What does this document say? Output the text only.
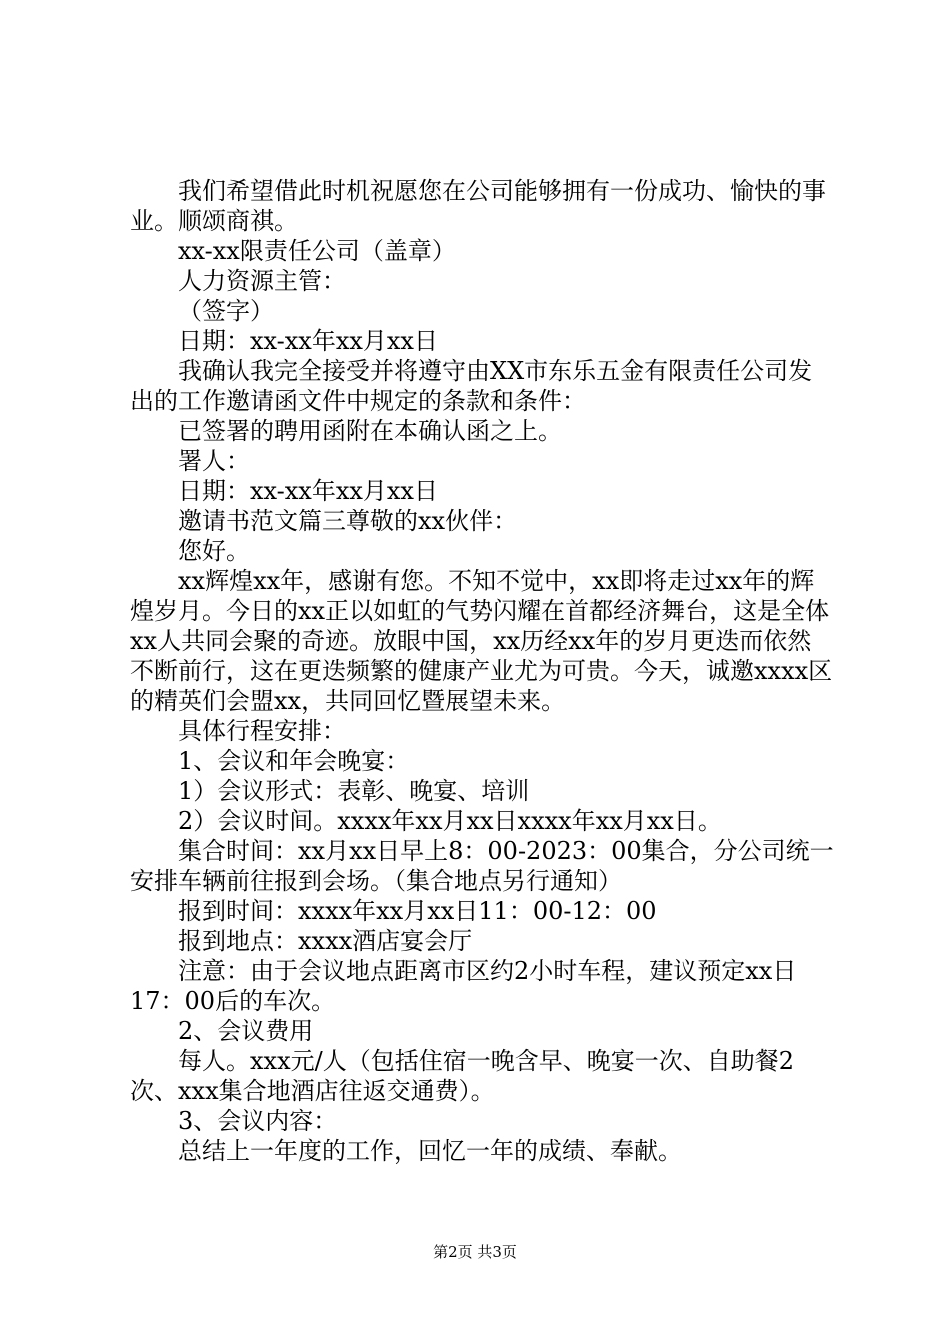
我们希望借此时机祝愿您在公司能够拥有一份成功、愉快的事业。顺颂商祺。

xx-xx限责任公司（盖章）

人力资源主管：

（签字）

日期：xx-xx年xx月xx日

我确认我完全接受并将遵守由XX市东乐五金有限责任公司发出的工作邀请函文件中规定的条款和条件：

已签署的聘用函附在本确认函之上。

署人：

日期：xx-xx年xx月xx日

邀请书范文篇三尊敬的xx伙伴：

您好。

xx辉煌xx年，感谢有您。不知不觉中，xx即将走过xx年的辉煌岁月。今日的xx正以如虹的气势闪耀在首都经济舞台，这是全体xx人共同会聚的奇迹。放眼中国，xx历经xx年的岁月更迭而依然不断前行，这在更迭频繁的健康产业尤为可贵。今天，诚邀xxxx区的精英们会盟xx，共同回忆暨展望未来。

具体行程安排：

1、会议和年会晚宴：

1）会议形式：表彰、晚宴、培训

2）会议时间。xxxx年xx月xx日xxxx年xx月xx日。

集合时间：xx月xx日早上8：00-2023：00集合，分公司统一安排车辆前往报到会场。（集合地点另行通知）

报到时间：xxxx年xx月xx日11：00-12：00

报到地点：xxxx酒店宴会厅

注意：由于会议地点距离市区约2小时车程，建议预定xx日17：00后的车次。

2、会议费用

每人。xxx元/人（包括住宿一晚含早、晚宴一次、自助餐2次、xxx集合地酒店往返交通费）。

3、会议内容：

总结上一年度的工作，回忆一年的成绩、奉献。

第2页 共3页
